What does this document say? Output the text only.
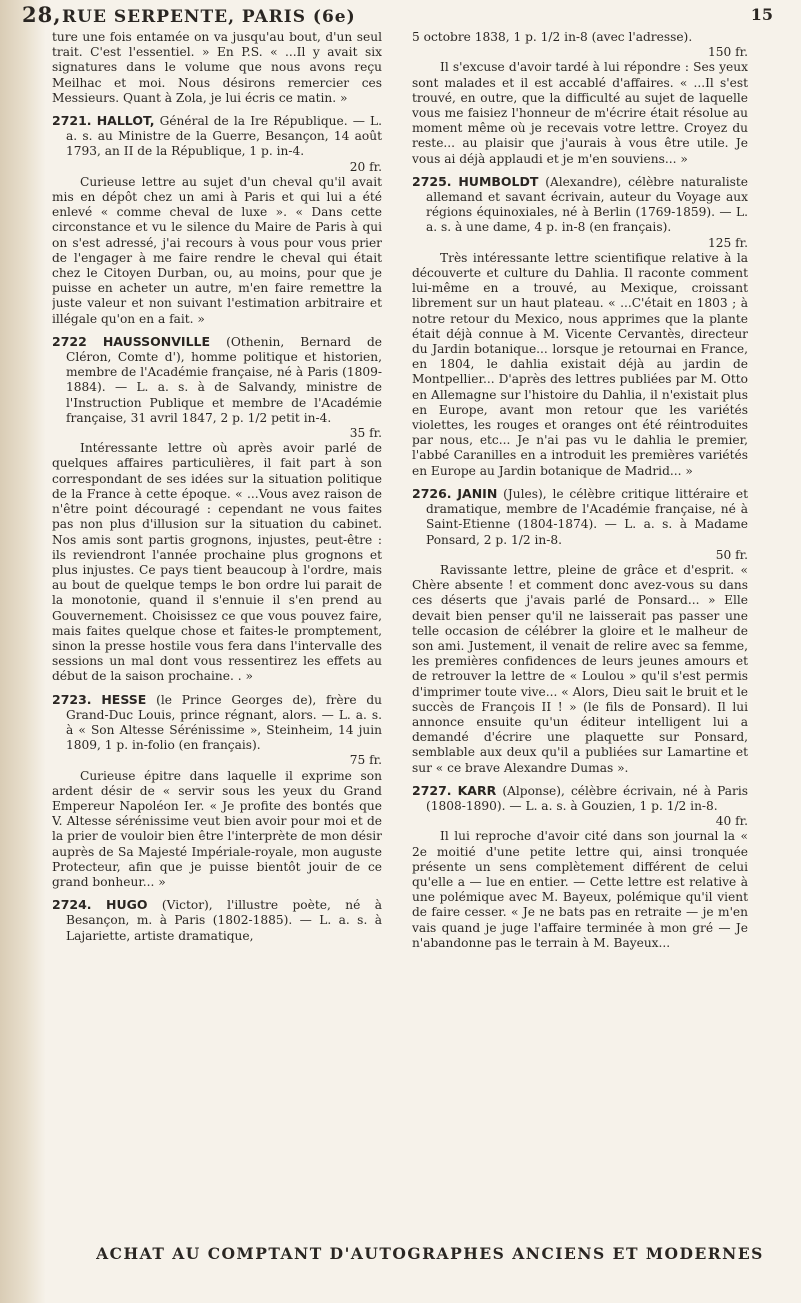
28, RUE SERPENTE, PARIS (6e)	15

ture une fois entamée on va jusqu'au bout, d'un seul trait. C'est l'essentiel. » En P.S. « ...Il y avait six signatures dans le volume que nous avons reçu Meilhac et moi. Nous désirons remercier ces Messieurs. Quant à Zola, je lui écris ce matin. »

2721. HALLOT, Général de la Ire République. — L. a. s. au Ministre de la Guerre, Besançon, 14 août 1793, an II de la République, 1 p. in-4.
20 fr.

Curieuse lettre au sujet d'un cheval qu'il avait mis en dépôt chez un ami à Paris et qui lui a été enlevé « comme cheval de luxe ». « Dans cette circonstance et vu le silence du Maire de Paris à qui on s'est adressé, j'ai recours à vous pour vous prier de l'engager à me faire rendre le cheval qui était chez le Citoyen Durban, ou, au moins, pour que je puisse en acheter un autre, m'en faire remettre la juste valeur et non suivant l'estimation arbitraire et illégale qu'on en a fait. »

2722 HAUSSONVILLE (Othenin, Bernard de Cléron, Comte d'), homme politique et historien, membre de l'Académie française, né à Paris (1809-1884). — L. a. s. à de Salvandy, ministre de l'Instruction Publique et membre de l'Académie française, 31 avril 1847, 2 p. 1/2 petit in-4.
35 fr.

Intéressante lettre où après avoir parlé de quelques affaires particulières, il fait part à son correspondant de ses idées sur la situation politique de la France à cette époque. « ...Vous avez raison de n'être point découragé : cependant ne vous faites pas non plus d'illusion sur la situation du cabinet. Nos amis sont partis grognons, injustes, peut-être : ils reviendront l'année prochaine plus grognons et plus injustes. Ce pays tient beaucoup à l'ordre, mais au bout de quelque temps le bon ordre lui parait de la monotonie, quand il s'ennuie il s'en prend au Gouvernement. Choisissez ce que vous pouvez faire, mais faites quelque chose et faites-le promptement, sinon la presse hostile vous fera dans l'intervalle des sessions un mal dont vous ressentirez les effets au début de la saison prochaine. . »

2723. HESSE (le Prince Georges de), frère du Grand-Duc Louis, prince régnant, alors. — L. a. s. à « Son Altesse Sérénissime », Steinheim, 14 juin 1809, 1 p. in-folio (en français).
75 fr.

Curieuse épitre dans laquelle il exprime son ardent désir de « servir sous les yeux du Grand Empereur Napoléon Ier. « Je profite des bontés que V. Altesse sérénissime veut bien avoir pour moi et de la prier de vouloir bien être l'interprète de mon désir auprès de Sa Majesté Impériale-royale, mon auguste Protecteur, afin que je puisse bientôt jouir de ce grand bonheur... »

2724. HUGO (Victor), l'illustre poète, né à Besançon, m. à Paris (1802-1885). — L. a. s. à Lajariette, artiste dramatique,

5 octobre 1838, 1 p. 1/2 in-8 (avec l'adresse).
150 fr.

Il s'excuse d'avoir tardé à lui répondre : Ses yeux sont malades et il est accablé d'affaires. « ...Il s'est trouvé, en outre, que la difficulté au sujet de laquelle vous me faisiez l'honneur de m'écrire était résolue au moment même où je recevais votre lettre. Croyez du reste... au plaisir que j'aurais à vous être utile. Je vous ai déjà applaudi et je m'en souviens... »

2725. HUMBOLDT (Alexandre), célèbre naturaliste allemand et savant écrivain, auteur du Voyage aux régions équinoxiales, né à Berlin (1769-1859). — L. a. s. à une dame, 4 p. in-8 (en français).
125 fr.

Très intéressante lettre scientifique relative à la découverte et culture du Dahlia. Il raconte comment lui-même en a trouvé, au Mexique, croissant librement sur un haut plateau. « ...C'était en 1803 ; à notre retour du Mexico, nous apprimes que la plante était déjà connue à M. Vicente Cervantès, directeur du Jardin botanique... lorsque je retournai en France, en 1804, le dahlia existait déjà au jardin de Montpellier... D'après des lettres publiées par M. Otto en Allemagne sur l'histoire du Dahlia, il n'existait plus en Europe, avant mon retour que les variétés violettes, les rouges et oranges ont été réintroduites par nous, etc... Je n'ai pas vu le dahlia le premier, l'abbé Caranilles en a introduit les premières variétés en Europe au Jardin botanique de Madrid... »

2726. JANIN (Jules), le célèbre critique littéraire et dramatique, membre de l'Académie française, né à Saint-Etienne (1804-1874). — L. a. s. à Madame Ponsard, 2 p. 1/2 in-8.
50 fr.

Ravissante lettre, pleine de grâce et d'esprit. « Chère absente ! et comment donc avez-vous su dans ces déserts que j'avais parlé de Ponsard... » Elle devait bien penser qu'il ne laisserait pas passer une telle occasion de célébrer la gloire et le malheur de son ami. Justement, il venait de relire avec sa femme, les premières confidences de leurs jeunes amours et de retrouver la lettre de « Loulou » qu'il s'est permis d'imprimer toute vive... « Alors, Dieu sait le bruit et le succès de François II ! » (le fils de Ponsard). Il lui annonce ensuite qu'un éditeur intelligent lui a demandé d'écrire une plaquette sur Ponsard, semblable aux deux qu'il a publiées sur Lamartine et sur « ce brave Alexandre Dumas ».

2727. KARR (Alponse), célèbre écrivain, né à Paris (1808-1890). — L. a. s. à Gouzien, 1 p. 1/2 in-8.
40 fr.

Il lui reproche d'avoir cité dans son journal la « 2e moitié d'une petite lettre qui, ainsi tronquée présente un sens complètement différent de celui qu'elle a — lue en entier. — Cette lettre est relative à une polémique avec M. Bayeux, polémique qu'il vient de faire cesser. « Je ne bats pas en retraite — je m'en vais quand je juge l'affaire terminée à mon gré — Je n'abandonne pas le terrain à M. Bayeux...

ACHAT AU COMPTANT D'AUTOGRAPHES ANCIENS ET MODERNES
